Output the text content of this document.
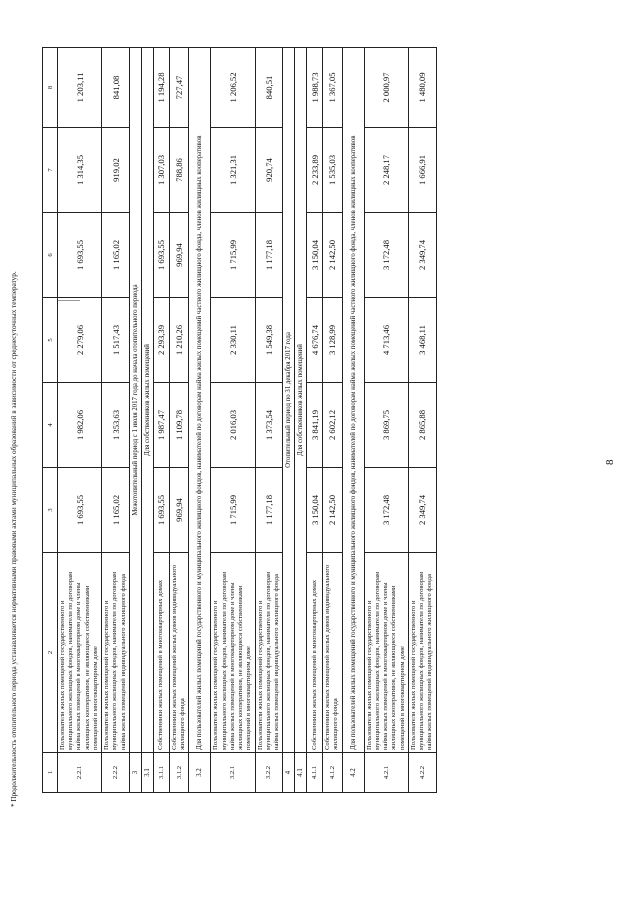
* Продолжительность отопительного периода устанавливается нормативными правовыми актами муниципальных образований в зависимости от среднесуточных температур.	8
1	2	3	4	5	6	7	8
2.2.1	Пользователи жилых помещений государственного и муниципального жилищных фондов, наниматели по договорам найма жилых помещений в многоквартирном доме и члены жилищных кооперативов, не являющиеся собственниками помещений в многоквартирном доме	1 693,55	1 982,06	2 279,06	1 693,55	1 314,35	1 203,11
2.2.2	Пользователи жилых помещений государственного и муниципального жилищных фондов, наниматели по договорам найма жилых помещений индивидуального жилищного фонда	1 165,02	1 353,63	1 517,43	1 165,02	919,02	841,08
3	Межотопительный период с 1 июля 2017 года до начала отопительного периода						
3.1	Для собственников жилых помещений						
3.1.1	Собственники жилых помещений в многоквартирных домах	1 693,55	1 987,47	2 293,39	1 693,55	1 307,03	1 194,28
3.1.2	Собственники жилых помещений жилых домов индивидуального жилищного фонда	969,94	1 109,78	1 210,26	969,94	788,86	727,47
3.2	Для пользователей жилых помещений государственного и муниципального жилищного фондов, нанимателей по договорам найма жилых помещений частного жилищного фонда, членов жилищных кооперативов						
3.2.1	Пользователи жилых помещений государственного и муниципального жилищных фондов, наниматели по договорам найма жилых помещений в многоквартирном доме и члены жилищных кооперативов, не являющиеся собственниками помещений в многоквартирном доме	1 715,99	2 016,03	2 330,11	1 715,99	1 321,31	1 206,52
3.2.2	Пользователи жилых помещений государственного и муниципального жилищных фондов, наниматели по договорам найма жилых помещений индивидуального жилищного фонда	1 177,18	1 373,54	1 549,38	1 177,18	920,74	840,51
4	Отопительный период по 31 декабря 2017 года						
4.1	Для собственников жилых помещений						
4.1.1	Собственники жилых помещений в многоквартирных домах	3 150,04	3 841,19	4 676,74	3 150,04	2 233,89	1 988,73
4.1.2	Собственники жилых помещений жилых домов индивидуального жилищного фонда	2 142,50	2 602,12	3 128,99	2 142,50	1 535,03	1 367,05
4.2	Для пользователей жилых помещений государственного и муниципального жилищного фондов, нанимателей по договорам найма жилых помещений частного жилищного фонда, членов жилищных кооперативов						
4.2.1	Пользователи жилых помещений государственного и муниципального жилищных фондов, наниматели по договорам найма жилых помещений в многоквартирном доме и члены жилищных кооперативов, не являющиеся собственниками помещений в многоквартирном доме	3 172,48	3 869,75	4 713,46	3 172,48	2 248,17	2 000,97
4.2.2	Пользователи жилых помещений государственного и муниципального жилищных фондов, наниматели по договорам найма жилых помещений индивидуального жилищного фонда	2 349,74	2 865,88	3 468,11	2 349,74	1 666,91	1 480,09
